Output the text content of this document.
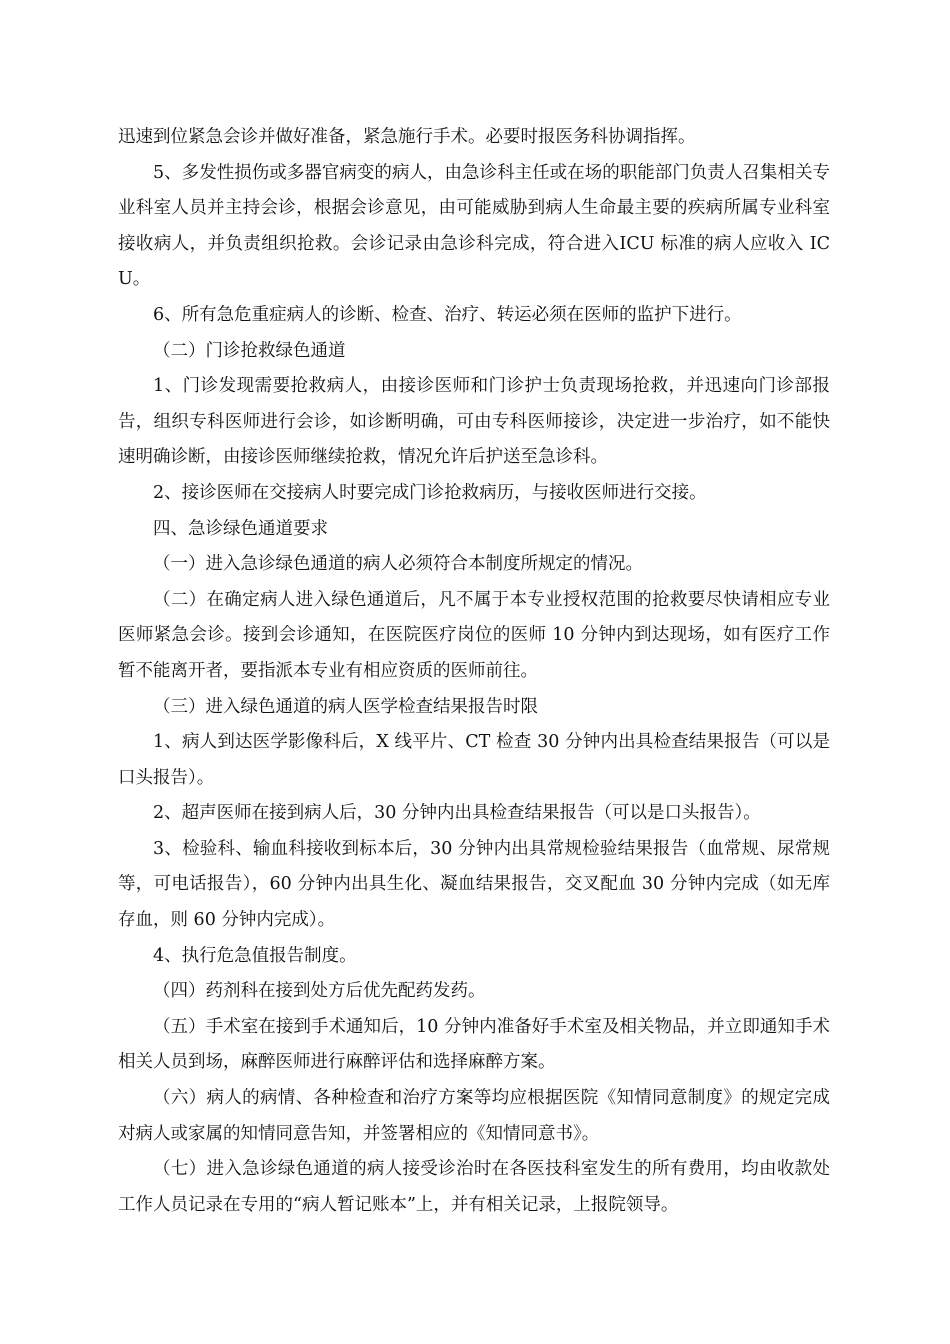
迅速到位紧急会诊并做好准备，紧急施行手术。必要时报医务科协调指挥。

5、多发性损伤或多器官病变的病人，由急诊科主任或在场的职能部门负责人召集相关专业科室人员并主持会诊，根据会诊意见，由可能威胁到病人生命最主要的疾病所属专业科室接收病人，并负责组织抢救。会诊记录由急诊科完成，符合进入ICU 标准的病人应收入 ICU。

6、所有急危重症病人的诊断、检查、治疗、转运必须在医师的监护下进行。

（二）门诊抢救绿色通道

1、门诊发现需要抢救病人，由接诊医师和门诊护士负责现场抢救，并迅速向门诊部报告，组织专科医师进行会诊，如诊断明确，可由专科医师接诊，决定进一步治疗，如不能快速明确诊断，由接诊医师继续抢救，情况允许后护送至急诊科。

2、接诊医师在交接病人时要完成门诊抢救病历，与接收医师进行交接。

四、急诊绿色通道要求

（一）进入急诊绿色通道的病人必须符合本制度所规定的情况。

（二）在确定病人进入绿色通道后，凡不属于本专业授权范围的抢救要尽快请相应专业医师紧急会诊。接到会诊通知，在医院医疗岗位的医师 10 分钟内到达现场，如有医疗工作暂不能离开者，要指派本专业有相应资质的医师前往。

（三）进入绿色通道的病人医学检查结果报告时限

1、病人到达医学影像科后，X 线平片、CT 检查 30 分钟内出具检查结果报告（可以是口头报告）。

2、超声医师在接到病人后，30 分钟内出具检查结果报告（可以是口头报告）。

3、检验科、输血科接收到标本后，30 分钟内出具常规检验结果报告（血常规、尿常规等，可电话报告），60 分钟内出具生化、凝血结果报告，交叉配血 30 分钟内完成（如无库存血，则 60 分钟内完成）。

4、执行危急值报告制度。

（四）药剂科在接到处方后优先配药发药。

（五）手术室在接到手术通知后，10 分钟内准备好手术室及相关物品，并立即通知手术相关人员到场，麻醉医师进行麻醉评估和选择麻醉方案。

（六）病人的病情、各种检查和治疗方案等均应根据医院《知情同意制度》的规定完成对病人或家属的知情同意告知，并签署相应的《知情同意书》。

（七）进入急诊绿色通道的病人接受诊治时在各医技科室发生的所有费用，均由收款处工作人员记录在专用的“病人暂记账本”上，并有相关记录，上报院领导。
